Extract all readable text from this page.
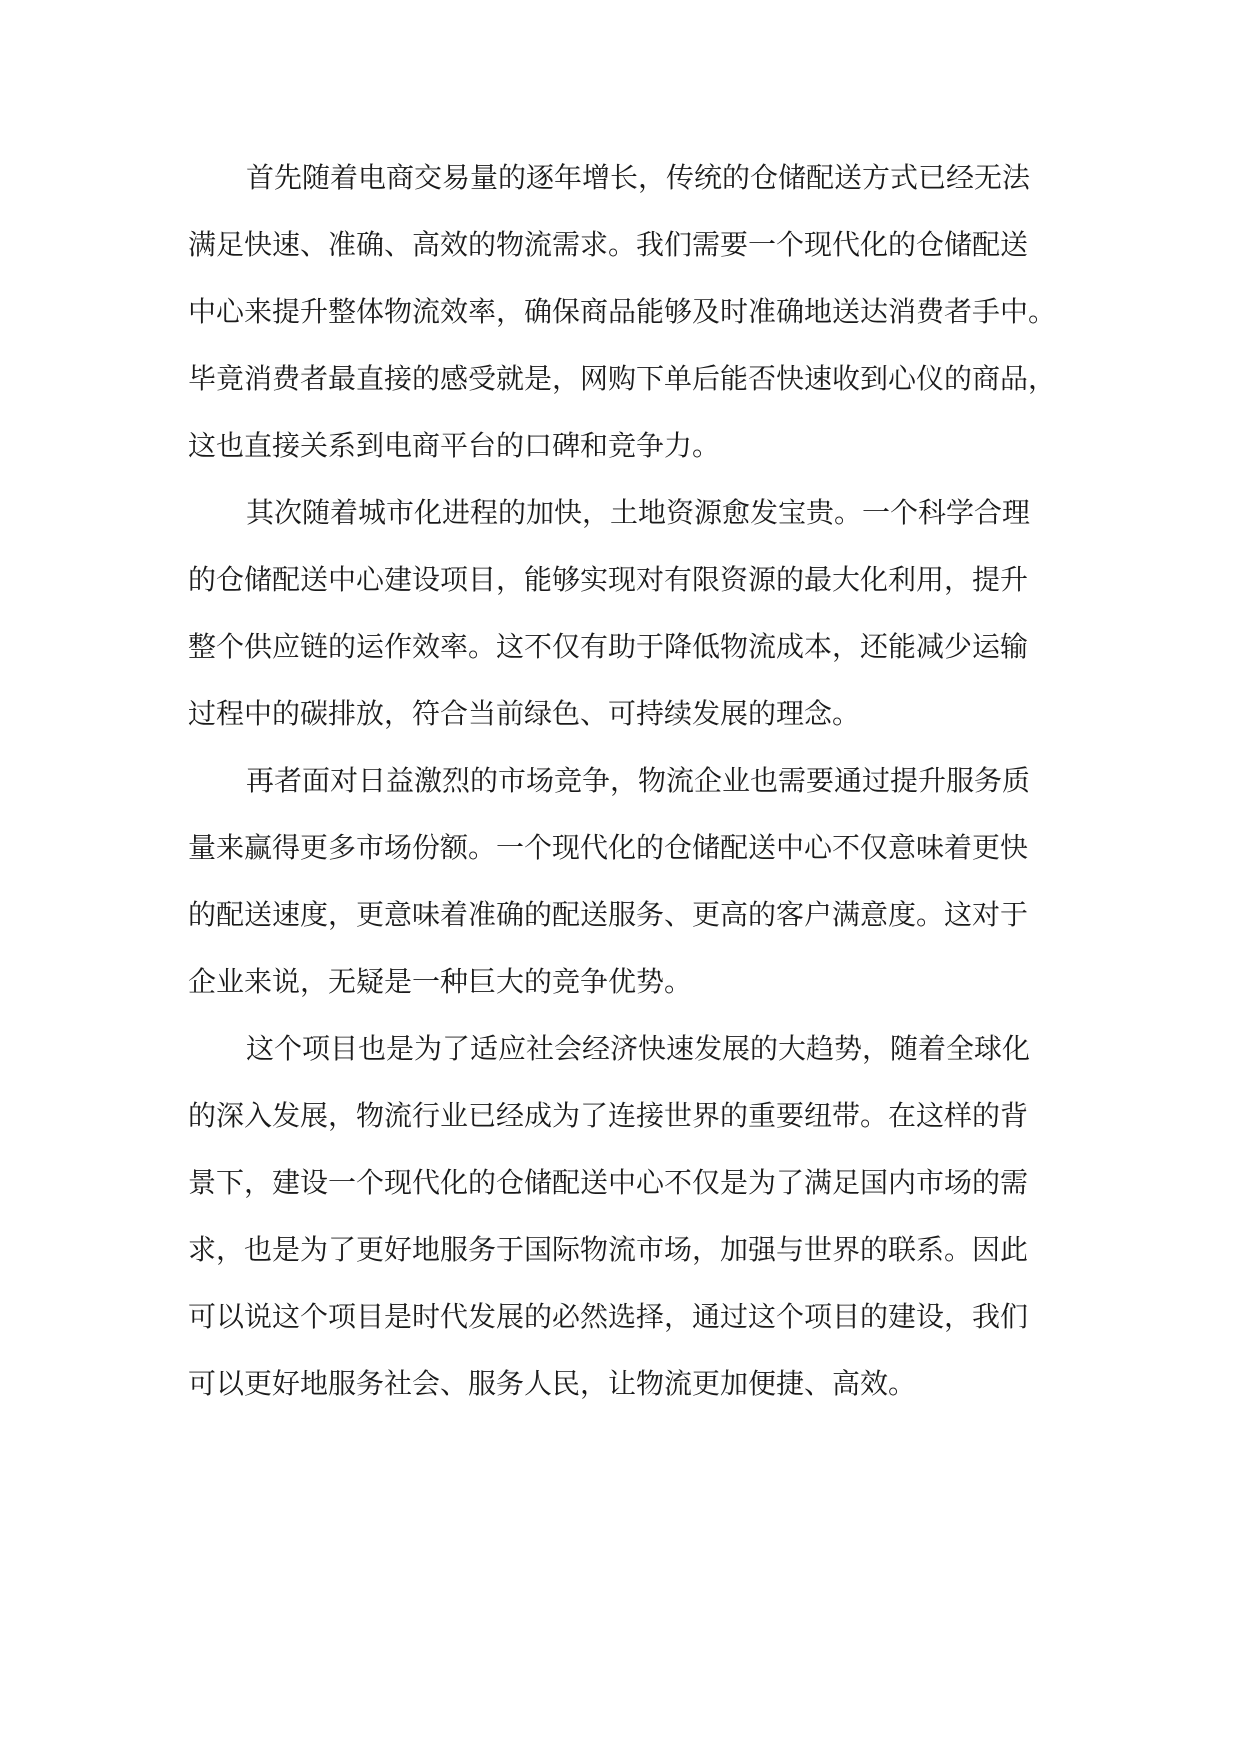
首先随着电商交易量的逐年增长，传统的仓储配送方式已经无法
满足快速、准确、高效的物流需求。我们需要一个现代化的仓储配送
中心来提升整体物流效率，确保商品能够及时准确地送达消费者手中。
毕竟消费者最直接的感受就是，网购下单后能否快速收到心仪的商品，
这也直接关系到电商平台的口碑和竞争力。

其次随着城市化进程的加快，土地资源愈发宝贵。一个科学合理
的仓储配送中心建设项目，能够实现对有限资源的最大化利用，提升
整个供应链的运作效率。这不仅有助于降低物流成本，还能减少运输
过程中的碳排放，符合当前绿色、可持续发展的理念。

再者面对日益激烈的市场竞争，物流企业也需要通过提升服务质
量来赢得更多市场份额。一个现代化的仓储配送中心不仅意味着更快
的配送速度，更意味着准确的配送服务、更高的客户满意度。这对于
企业来说，无疑是一种巨大的竞争优势。

这个项目也是为了适应社会经济快速发展的大趋势，随着全球化
的深入发展，物流行业已经成为了连接世界的重要纽带。在这样的背
景下，建设一个现代化的仓储配送中心不仅是为了满足国内市场的需
求，也是为了更好地服务于国际物流市场，加强与世界的联系。因此
可以说这个项目是时代发展的必然选择，通过这个项目的建设，我们
可以更好地服务社会、服务人民，让物流更加便捷、高效。
